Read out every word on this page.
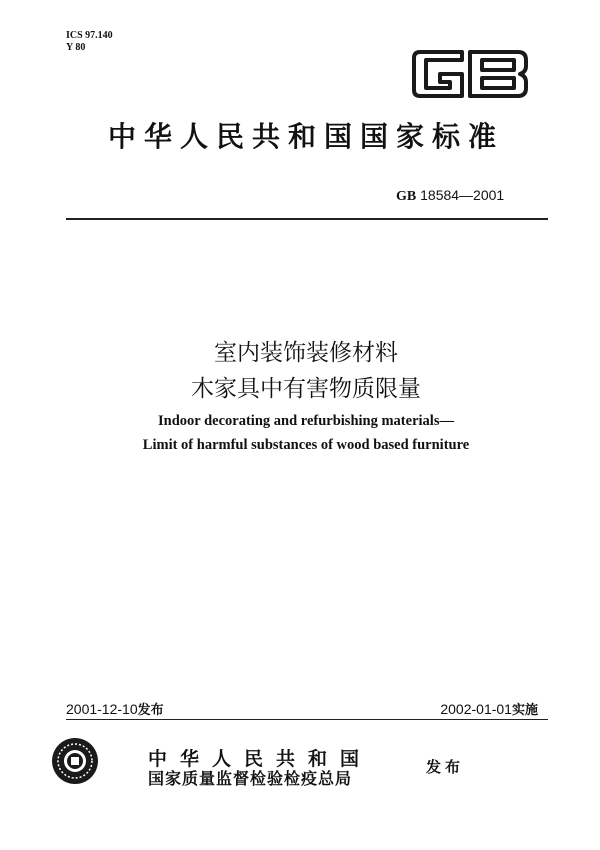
ICS 97.140
Y 80
中华人民共和国国家标准
GB 18584—2001
室内装饰装修材料
木家具中有害物质限量
Indoor decorating and refurbishing materials—
Limit of harmful substances of wood based furniture
2001-12-10发布	2002-01-01实施
中华人民共和国
国家质量监督检验检疫总局
发布
